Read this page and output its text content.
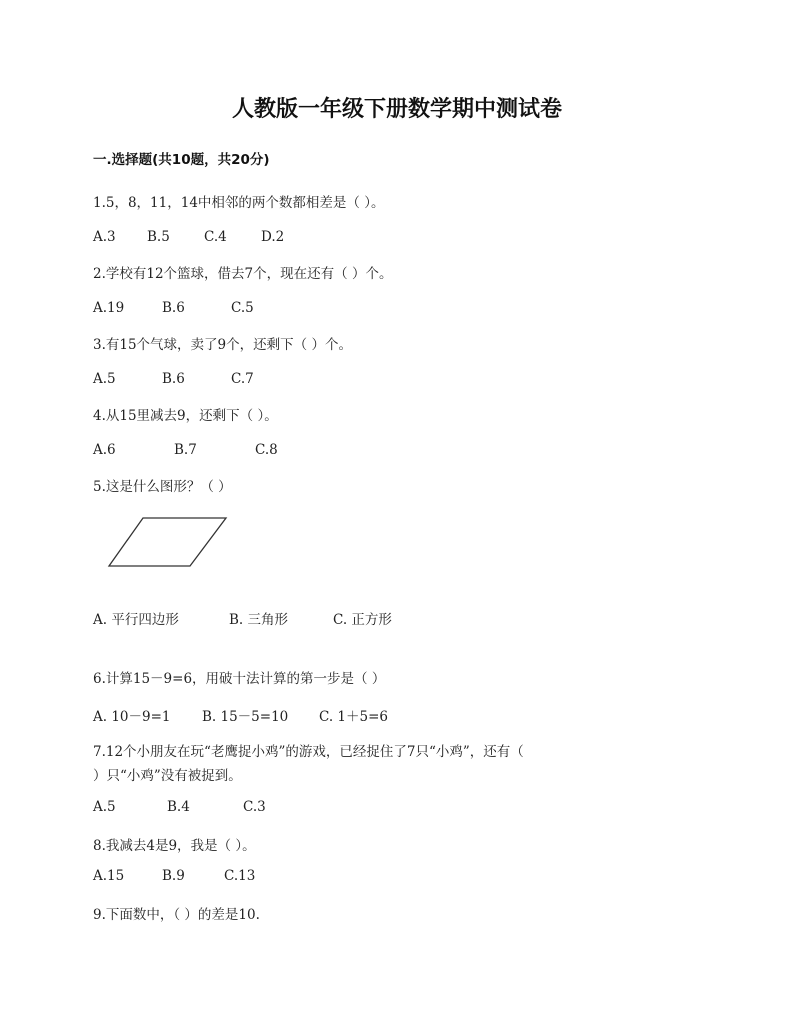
人教版一年级下册数学期中测试卷
一.选择题(共10题，共20分)
1.5，8，11，14中相邻的两个数都相差是（ ）。
A.3 B.5	C.4	D.2
2.学校有12个篮球，借去7个，现在还有（ ）个。
A.19	B.6	C.5
3.有15个气球，卖了9个，还剩下（ ）个。
A.5	B.6	C.7
4.从15里减去9，还剩下（ ）。
A.6	B.7	C.8
5.这是什么图形？（ ）
A. 平行四边形	B. 三角形	C. 正方形
6.计算15－9=6，用破十法计算的第一步是（ ）
A. 10－9=1 B. 15－5=10 C. 1＋5=6
7.12个小朋友在玩“老鹰捉小鸡”的游戏，已经捉住了7只“小鸡”，还有（
）只“小鸡”没有被捉到。
A.5	B.4	C.3
8.我减去4是9，我是（ ）。
A.15	B.9	C.13
9.下面数中，（ ）的差是10.
